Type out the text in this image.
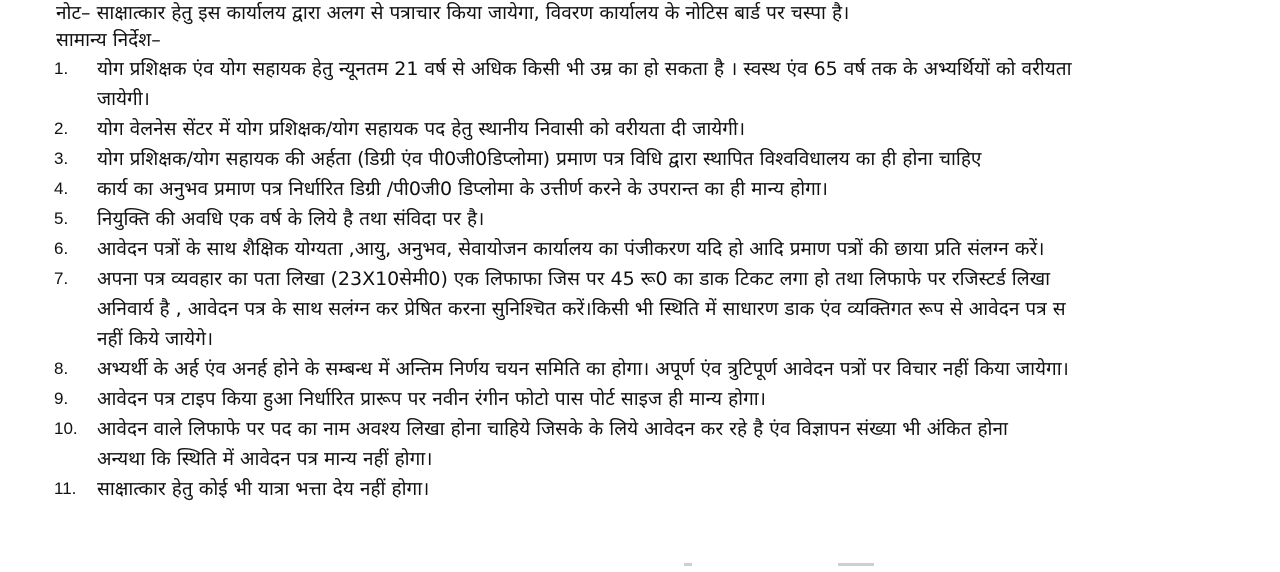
नोट– साक्षात्कार हेतु इस कार्यालय द्वारा अलग से पत्राचार किया जायेगा, विवरण कार्यालय के नोटिस बार्ड पर चस्पा है।
सामान्य निर्देश–
1.	योग प्रशिक्षक एंव योग सहायक हेतु न्यूनतम 21 वर्ष से अधिक किसी भी उम्र का हो सकता है । स्वस्थ एंव 65 वर्ष तक के अभ्यर्थियों को वरीयता
जायेगी।
2.	योग वेलनेस सेंटर में योग प्रशिक्षक/योग सहायक पद हेतु स्थानीय निवासी को वरीयता दी जायेगी।
3.	योग प्रशिक्षक/योग सहायक की अर्हता (डिग्री एंव पी0जी0डिप्लोमा) प्रमाण पत्र विधि द्वारा स्थापित विश्वविधालय का ही होना चाहिए
4.	कार्य का अनुभव प्रमाण पत्र निर्धारित डिग्री /पी0जी0 डिप्लोमा के उत्तीर्ण करने के उपरान्त का ही मान्य होगा।
5.	नियुक्ति की अवधि एक वर्ष के लिये है तथा संविदा पर है।
6.	आवेदन पत्रों के साथ शैक्षिक योग्यता ,आयु, अनुभव, सेवायोजन कार्यालय का पंजीकरण यदि हो आदि प्रमाण पत्रों की छाया प्रति संलग्न करें।
7.	अपना पत्र व्यवहार का पता लिखा (23X10सेमी0) एक लिफाफा जिस पर 45 रू0 का डाक टिकट लगा हो तथा लिफाफे पर रजिस्टर्ड लिखा
अनिवार्य है , आवेदन पत्र के साथ सलंग्न कर प्रेषित करना सुनिश्चित करें।किसी भी स्थिति में साधारण डाक एंव व्यक्तिगत रूप से आवेदन पत्र स
नहीं किये जायेगे।
8.	अभ्यर्थी के अर्ह एंव अनर्ह होने के सम्बन्ध में अन्तिम निर्णय चयन समिति का होगा। अपूर्ण एंव त्रुटिपूर्ण आवेदन पत्रों पर विचार नहीं किया जायेगा।
9.	आवेदन पत्र टाइप किया हुआ निर्धारित प्रारूप पर नवीन रंगीन फोटो पास पोर्ट साइज ही मान्य होगा।
10.	आवेदन वाले लिफाफे पर पद का नाम अवश्य लिखा होना चाहिये जिसके के लिये आवेदन कर रहे है एंव विज्ञापन संख्या भी अंकित होना
अन्यथा कि स्थिति में आवेदन पत्र मान्य नहीं होगा।
11.	साक्षात्कार हेतु कोई भी यात्रा भत्ता देय नहीं होगा।
